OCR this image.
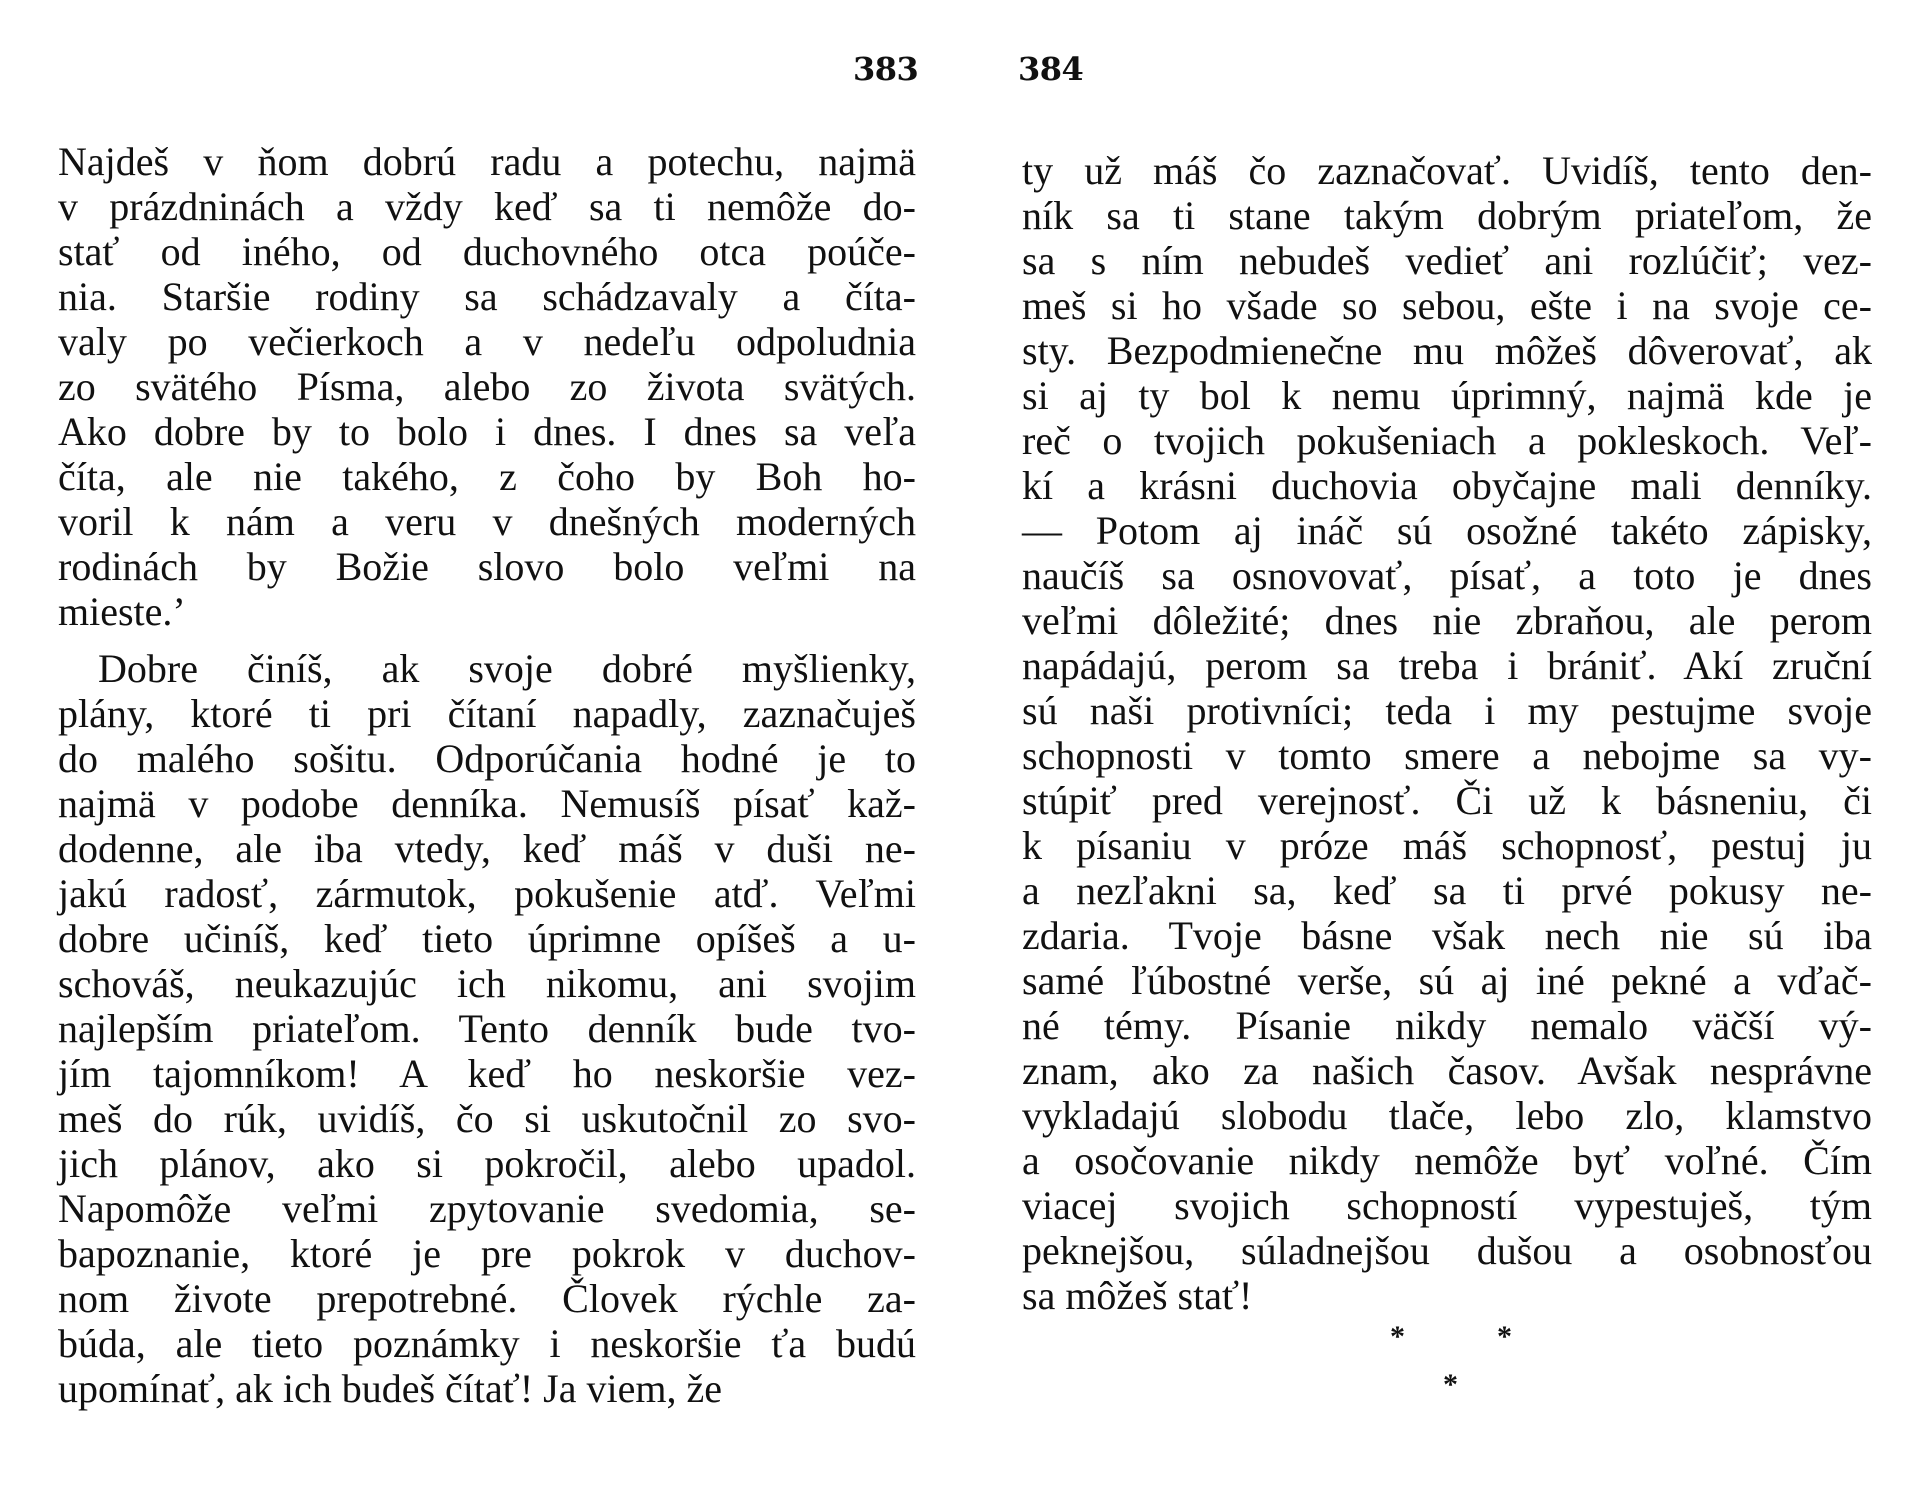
383	384
Najdeš v ňom dobrú radu a potechu, najmä
v prázdninách a vždy keď sa ti nemôže do-
stať od iného, od duchovného otca poúče-
nia. Staršie rodiny sa schádzavaly a číta-
valy po večierkoch a v nedeľu odpoludnia
zo svätého Písma, alebo zo života svätých.
Ako dobre by to bolo i dnes. I dnes sa veľa
číta, ale nie takého, z čoho by Boh ho-
voril k nám a veru v dnešných moderných
rodinách by Božie slovo bolo veľmi na
mieste.’
Dobre činíš, ak svoje dobré myšlienky,
plány, ktoré ti pri čítaní napadly, zaznačuješ
do malého sošitu. Odporúčania hodné je to
najmä v podobe denníka. Nemusíš písať kaž-
dodenne, ale iba vtedy, keď máš v duši ne-
jakú radosť, zármutok, pokušenie atď. Veľmi
dobre učiníš, keď tieto úprimne opíšeš a u-
schováš, neukazujúc ich nikomu, ani svojim
najlepším priateľom. Tento denník bude tvo-
jím tajomníkom! A keď ho neskoršie vez-
meš do rúk, uvidíš, čo si uskutočnil zo svo-
jich plánov, ako si pokročil, alebo upadol.
Napomôže veľmi zpytovanie svedomia, se-
bapoznanie, ktoré je pre pokrok v duchov-
nom živote prepotrebné. Človek rýchle za-
búda, ale tieto poznámky i neskoršie ťa budú
upomínať, ak ich budeš čítať! Ja viem, že
ty už máš čo zaznačovať. Uvidíš, tento den-
ník sa ti stane takým dobrým priateľom, že
sa s ním nebudeš vedieť ani rozlúčiť; vez-
meš si ho všade so sebou, ešte i na svoje ce-
sty. Bezpodmienečne mu môžeš dôverovať, ak
si aj ty bol k nemu úprimný, najmä kde je
reč o tvojich pokušeniach a pokleskoch. Veľ-
kí a krásni duchovia obyčajne mali denníky.
— Potom aj ináč sú osožné takéto zápisky,
naučíš sa osnovovať, písať, a toto je dnes
veľmi dôležité; dnes nie zbraňou, ale perom
napádajú, perom sa treba i brániť. Akí zruční
sú naši protivníci; teda i my pestujme svoje
schopnosti v tomto smere a nebojme sa vy-
stúpiť pred verejnosť. Či už k básneniu, či
k písaniu v próze máš schopnosť, pestuj ju
a nezľakni sa, keď sa ti prvé pokusy ne-
zdaria. Tvoje básne však nech nie sú iba
samé ľúbostné verše, sú aj iné pekné a vďač-
né témy. Písanie nikdy nemalo väčší vý-
znam, ako za našich časov. Avšak nesprávne
vykladajú slobodu tlače, lebo zlo, klamstvo
a osočovanie nikdy nemôže byť voľné. Čím
viacej svojich schopností vypestuješ, tým
peknejšou, súladnejšou dušou a osobnosťou
sa môžeš stať!
*	*
*
